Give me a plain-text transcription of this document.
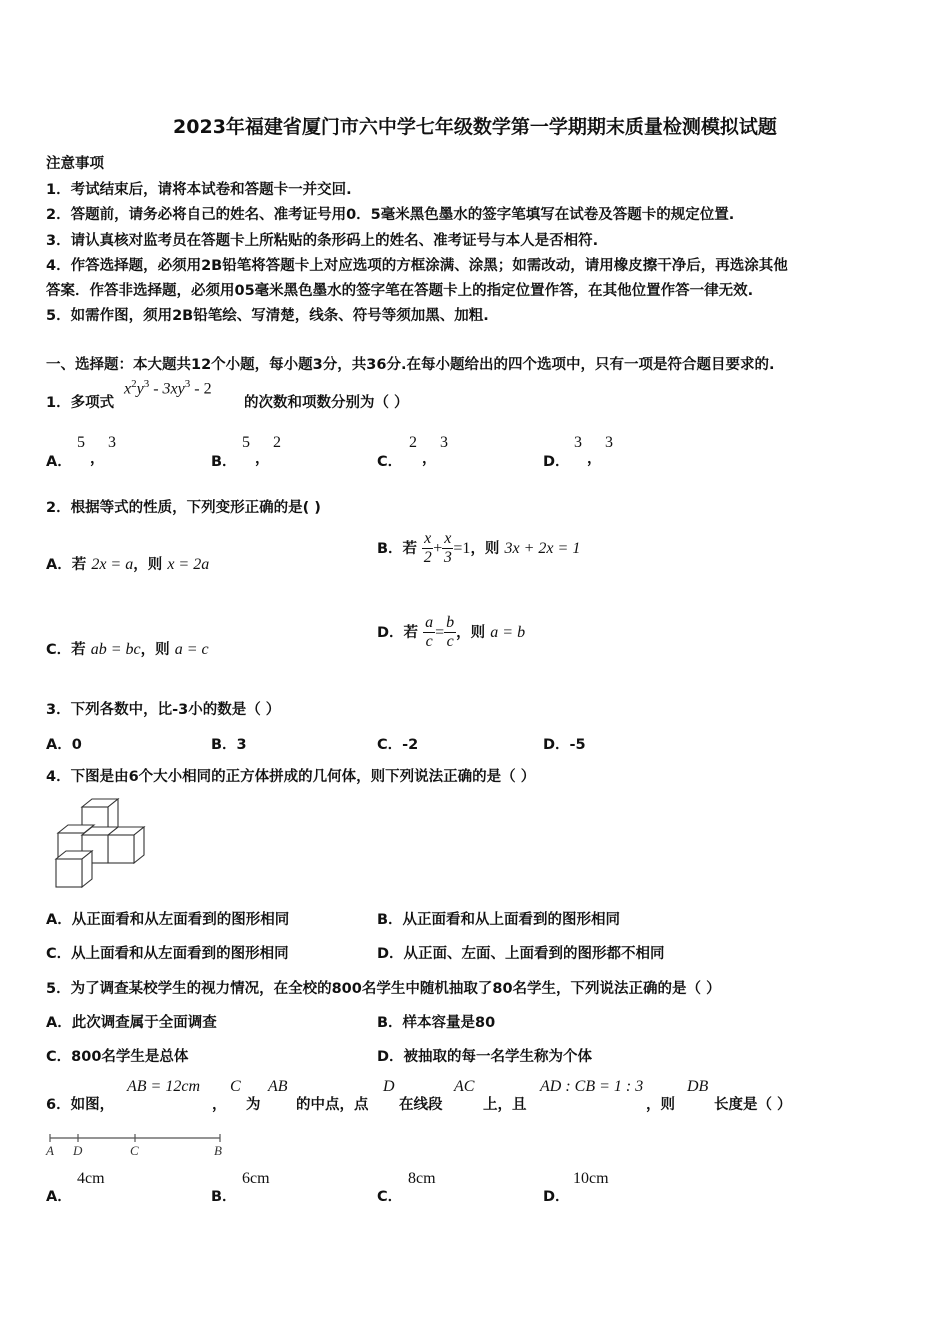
2023年福建省厦门市六中学七年级数学第一学期期末质量检测模拟试题
注意事项
1．考试结束后，请将本试卷和答题卡一并交回.
2．答题前，请务必将自己的姓名、准考证号用0．5毫米黑色墨水的签字笔填写在试卷及答题卡的规定位置.
3．请认真核对监考员在答题卡上所粘贴的条形码上的姓名、准考证号与本人是否相符.
4．作答选择题，必须用2B铅笔将答题卡上对应选项的方框涂满、涂黑；如需改动，请用橡皮擦干净后，再选涂其他
答案．作答非选择题，必须用05毫米黑色墨水的签字笔在答题卡上的指定位置作答，在其他位置作答一律无效.
5．如需作图，须用2B铅笔绘、写清楚，线条、符号等须加黑、加粗.
一、选择题：本大题共12个小题，每小题3分，共36分.在每小题给出的四个选项中，只有一项是符合题目要求的.
1．多项式
$x^2y^3 - 3xy^3 - 2$
的次数和项数分别为（ ）
A．
5
，
3
B．
5
，
2
C．
2
，
3
D．
3
，
3
2．根据等式的性质，下列变形正确的是( )
A．若 2x = a，则 x = 2a
B．若 $\frac{x}{2} + \frac{x}{3} =1$，则 3x + 2x = 1
C．若 ab = bc，则 a = c
D．若 $\frac{a}{c} = \frac{b}{c}$ ，则 a = b
3．下列各数中，比-3小的数是（ ）
A．0	B．3	C．-2	D．-5
4．下图是由6个大小相同的正方体拼成的几何体，则下列说法正确的是（ ）
A．从正面看和从左面看到的图形相同	B．从正面看和从上面看到的图形相同
C．从上面看和从左面看到的图形相同	D．从正面、左面、上面看到的图形都不相同
5．为了调查某校学生的视力情况，在全校的800名学生中随机抽取了80名学生，下列说法正确的是（ ）
A．此次调查属于全面调查	B．样本容量是80
C．800名学生是总体	D．被抽取的每一名学生称为个体
6．如图，
AB = 12cm
，
C
为
AB
的中点，点
D
在线段
AC
上，且
AD : CB = 1 : 3
，则
DB
长度是（ ）
A D	C	B
A．
4cm
B．
6cm
C．
8cm
D．
10cm
